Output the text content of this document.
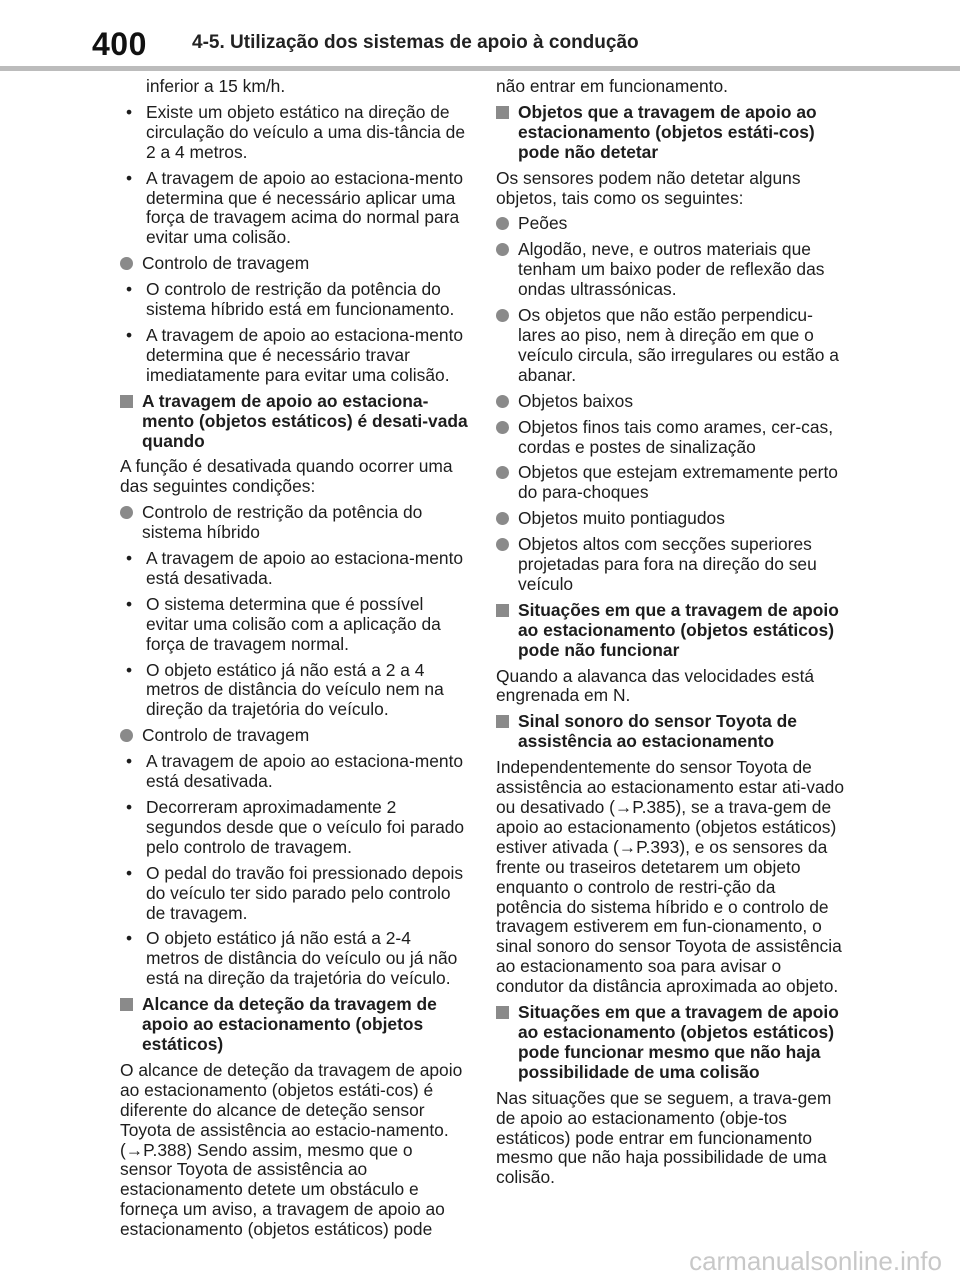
400 4-5. Utilização dos sistemas de apoio à condução
inferior a 15 km/h.
• Existe um objeto estático na direção de circulação do veículo a uma dis-tância de 2 a 4 metros.
• A travagem de apoio ao estaciona-mento determina que é necessário aplicar uma força de travagem acima do normal para evitar uma colisão.
Controlo de travagem
• O controlo de restrição da potência do sistema híbrido está em funcionamento.
• A travagem de apoio ao estaciona-mento determina que é necessário travar imediatamente para evitar uma colisão.
A travagem de apoio ao estaciona-mento (objetos estáticos) é desati-vada quando
A função é desativada quando ocorrer uma das seguintes condições:
Controlo de restrição da potência do sistema híbrido
• A travagem de apoio ao estaciona-mento está desativada.
• O sistema determina que é possível evitar uma colisão com a aplicação da força de travagem normal.
• O objeto estático já não está a 2 a 4 metros de distância do veículo nem na direção da trajetória do veículo.
Controlo de travagem
• A travagem de apoio ao estaciona-mento está desativada.
• Decorreram aproximadamente 2 segundos desde que o veículo foi parado pelo controlo de travagem.
• O pedal do travão foi pressionado depois do veículo ter sido parado pelo controlo de travagem.
• O objeto estático já não está a 2-4 metros de distância do veículo ou já não está na direção da trajetória do veículo.
Alcance da deteção da travagem de apoio ao estacionamento (objetos estáticos)
O alcance de deteção da travagem de apoio ao estacionamento (objetos estáti-cos) é diferente do alcance de deteção sensor Toyota de assistência ao estacio-namento. (→P.388) Sendo assim, mesmo que o sensor Toyota de assistência ao estacionamento detete um obstáculo e forneça um aviso, a travagem de apoio ao estacionamento (objetos estáticos) pode
não entrar em funcionamento.
Objetos que a travagem de apoio ao estacionamento (objetos estáti-cos) pode não detetar
Os sensores podem não detetar alguns objetos, tais como os seguintes:
Peões
Algodão, neve, e outros materiais que tenham um baixo poder de reflexão das ondas ultrassónicas.
Os objetos que não estão perpendicu-lares ao piso, nem à direção em que o veículo circula, são irregulares ou estão a abanar.
Objetos baixos
Objetos finos tais como arames, cer-cas, cordas e postes de sinalização
Objetos que estejam extremamente perto do para-choques
Objetos muito pontiagudos
Objetos altos com secções superiores projetadas para fora na direção do seu veículo
Situações em que a travagem de apoio ao estacionamento (objetos estáticos) pode não funcionar
Quando a alavanca das velocidades está engrenada em N.
Sinal sonoro do sensor Toyota de assistência ao estacionamento
Independentemente do sensor Toyota de assistência ao estacionamento estar ati-vado ou desativado (→P.385), se a trava-gem de apoio ao estacionamento (objetos estáticos) estiver ativada (→P.393), e os sensores da frente ou traseiros detetarem um objeto enquanto o controlo de restri-ção da potência do sistema híbrido e o controlo de travagem estiverem em fun-cionamento, o sinal sonoro do sensor Toyota de assistência ao estacionamento soa para avisar o condutor da distância aproximada ao objeto.
Situações em que a travagem de apoio ao estacionamento (objetos estáticos) pode funcionar mesmo que não haja possibilidade de uma colisão
Nas situações que se seguem, a trava-gem de apoio ao estacionamento (obje-tos estáticos) pode entrar em funcionamento mesmo que não haja possibilidade de uma colisão.
carmanualsonline.info
